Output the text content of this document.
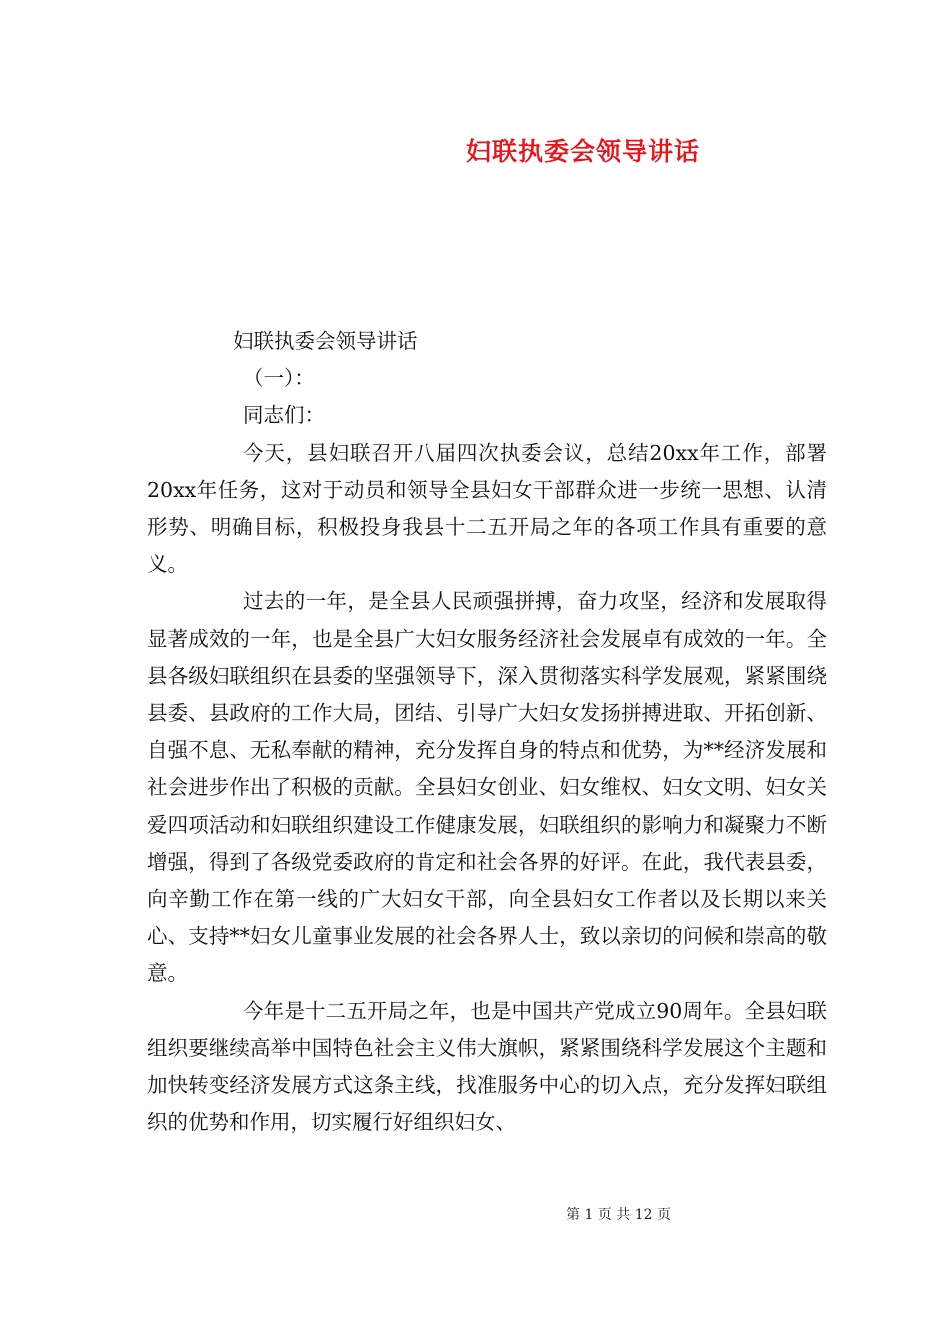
妇联执委会领导讲话

妇联执委会领导讲话

（一）：

同志们：

今天，县妇联召开八届四次执委会议，总结20xx年工作，部署20xx年任务，这对于动员和领导全县妇女干部群众进一步统一思想、认清形势、明确目标，积极投身我县十二五开局之年的各项工作具有重要的意义。

过去的一年，是全县人民顽强拼搏，奋力攻坚，经济和发展取得显著成效的一年，也是全县广大妇女服务经济社会发展卓有成效的一年。全县各级妇联组织在县委的坚强领导下，深入贯彻落实科学发展观，紧紧围绕县委、县政府的工作大局，团结、引导广大妇女发扬拼搏进取、开拓创新、自强不息、无私奉献的精神，充分发挥自身的特点和优势，为**经济发展和社会进步作出了积极的贡献。全县妇女创业、妇女维权、妇女文明、妇女关爱四项活动和妇联组织建设工作健康发展，妇联组织的影响力和凝聚力不断增强，得到了各级党委政府的肯定和社会各界的好评。在此，我代表县委，向辛勤工作在第一线的广大妇女干部，向全县妇女工作者以及长期以来关心、支持**妇女儿童事业发展的社会各界人士，致以亲切的问候和崇高的敬意。

今年是十二五开局之年，也是中国共产党成立90周年。全县妇联组织要继续高举中国特色社会主义伟大旗帜，紧紧围绕科学发展这个主题和加快转变经济发展方式这条主线，找准服务中心的切入点，充分发挥妇联组织的优势和作用，切实履行好组织妇女、

第 1 页 共 12 页
